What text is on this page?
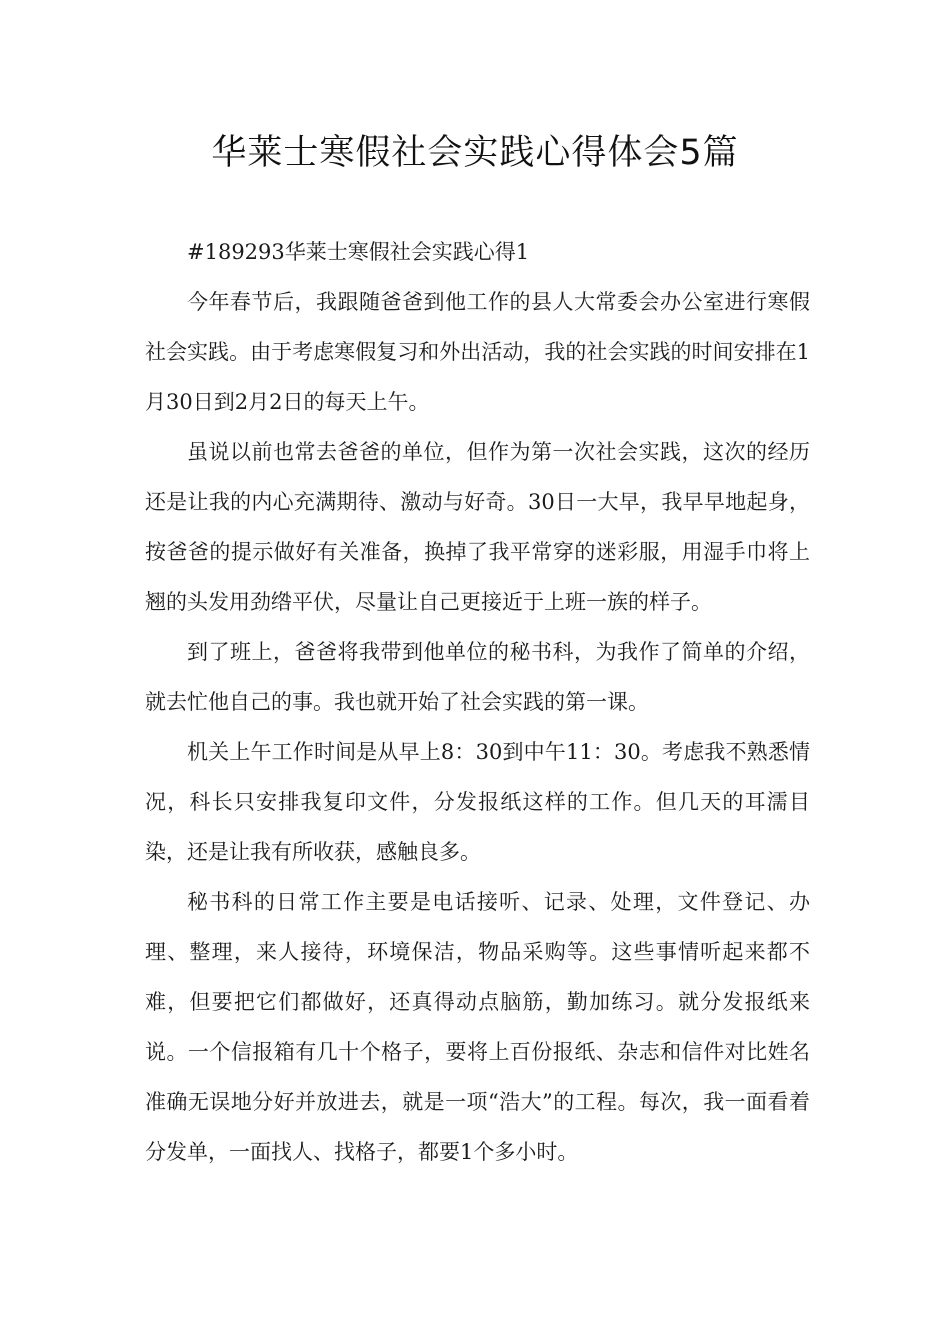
华莱士寒假社会实践心得体会5篇

#189293华莱士寒假社会实践心得1

今年春节后，我跟随爸爸到他工作的县人大常委会办公室进行寒假社会实践。由于考虑寒假复习和外出活动，我的社会实践的时间安排在1月30日到2月2日的每天上午。

虽说以前也常去爸爸的单位，但作为第一次社会实践，这次的经历还是让我的内心充满期待、激动与好奇。30日一大早，我早早地起身，按爸爸的提示做好有关准备，换掉了我平常穿的迷彩服，用湿手巾将上翘的头发用劲绺平伏，尽量让自己更接近于上班一族的样子。

到了班上，爸爸将我带到他单位的秘书科，为我作了简单的介绍，就去忙他自己的事。我也就开始了社会实践的第一课。

机关上午工作时间是从早上8：30到中午11：30。考虑我不熟悉情况，科长只安排我复印文件，分发报纸这样的工作。但几天的耳濡目染，还是让我有所收获，感触良多。

秘书科的日常工作主要是电话接听、记录、处理，文件登记、办理、整理，来人接待，环境保洁，物品采购等。这些事情听起来都不难，但要把它们都做好，还真得动点脑筋，勤加练习。就分发报纸来说。一个信报箱有几十个格子，要将上百份报纸、杂志和信件对比姓名准确无误地分好并放进去，就是一项“浩大”的工程。每次，我一面看着分发单，一面找人、找格子，都要1个多小时。
